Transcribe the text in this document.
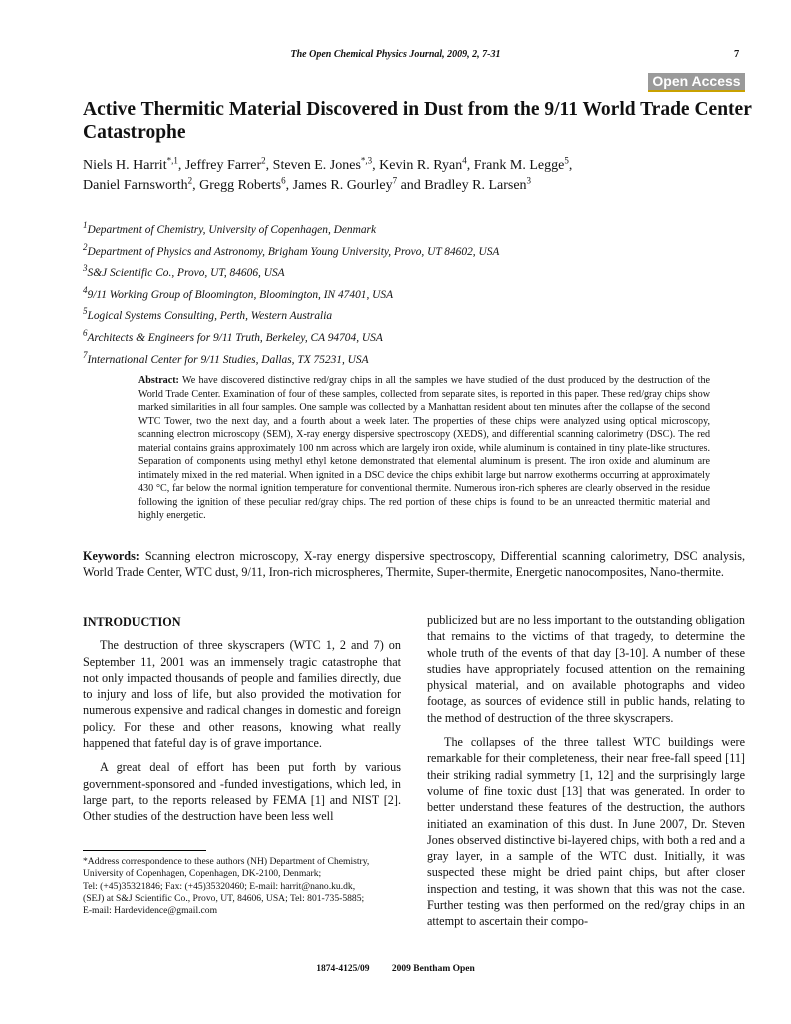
The Open Chemical Physics Journal, 2009, 2, 7-31	7
Open Access
Active Thermitic Material Discovered in Dust from the 9/11 World Trade Center Catastrophe
Niels H. Harrit$^{*,1}$, Jeffrey Farrer$^2$, Steven E. Jones$^{*,3}$, Kevin R. Ryan$^4$, Frank M. Legge$^5$,
Daniel Farnsworth$^2$, Gregg Roberts$^6$, James R. Gourley$^7$ and Bradley R. Larsen$^3$
$^1$Department of Chemistry, University of Copenhagen, Denmark
$^2$Department of Physics and Astronomy, Brigham Young University, Provo, UT 84602, USA
$^3$S&J Scientific Co., Provo, UT, 84606, USA
$^4$9/11 Working Group of Bloomington, Bloomington, IN 47401, USA
$^5$Logical Systems Consulting, Perth, Western Australia
$^6$Architects & Engineers for 9/11 Truth, Berkeley, CA 94704, USA
$^7$International Center for 9/11 Studies, Dallas, TX 75231, USA
Abstract: We have discovered distinctive red/gray chips in all the samples we have studied of the dust produced by the destruction of the World Trade Center. Examination of four of these samples, collected from separate sites, is reported in this paper. These red/gray chips show marked similarities in all four samples. One sample was collected by a Manhattan resident about ten minutes after the collapse of the second WTC Tower, two the next day, and a fourth about a week later. The properties of these chips were analyzed using optical microscopy, scanning electron microscopy (SEM), X-ray energy dispersive spectroscopy (XEDS), and differential scanning calorimetry (DSC). The red material contains grains approximately 100 nm across which are largely iron oxide, while aluminum is contained in tiny plate-like structures. Separation of components using methyl ethyl ketone demonstrated that elemental aluminum is present. The iron oxide and aluminum are intimately mixed in the red material. When ignited in a DSC device the chips exhibit large but narrow exotherms occurring at approximately 430 °C, far below the normal ignition temperature for conventional thermite. Numerous iron-rich spheres are clearly observed in the residue following the ignition of these peculiar red/gray chips. The red portion of these chips is found to be an unreacted thermitic material and highly energetic.
Keywords: Scanning electron microscopy, X-ray energy dispersive spectroscopy, Differential scanning calorimetry, DSC analysis, World Trade Center, WTC dust, 9/11, Iron-rich microspheres, Thermite, Super-thermite, Energetic nanocomposites, Nano-thermite.
INTRODUCTION

The destruction of three skyscrapers (WTC 1, 2 and 7) on September 11, 2001 was an immensely tragic catastrophe that not only impacted thousands of people and families directly, due to injury and loss of life, but also provided the motivation for numerous expensive and radical changes in domestic and foreign policy. For these and other reasons, knowing what really happened that fateful day is of grave importance.

A great deal of effort has been put forth by various government-sponsored and -funded investigations, which led, in large part, to the reports released by FEMA [1] and NIST [2]. Other studies of the destruction have been less well

publicized but are no less important to the outstanding obligation that remains to the victims of that tragedy, to determine the whole truth of the events of that day [3-10]. A number of these studies have appropriately focused attention on the remaining physical material, and on available photographs and video footage, as sources of evidence still in public hands, relating to the method of destruction of the three skyscrapers.

The collapses of the three tallest WTC buildings were remarkable for their completeness, their near free-fall speed [11] their striking radial symmetry [1, 12] and the surprisingly large volume of fine toxic dust [13] that was generated. In order to better understand these features of the destruction, the authors initiated an examination of this dust. In June 2007, Dr. Steven Jones observed distinctive bi-layered chips, with both a red and a gray layer, in a sample of the WTC dust. Initially, it was suspected these might be dried paint chips, but after closer inspection and testing, it was shown that this was not the case. Further testing was then performed on the red/gray chips in an attempt to ascertain their compo-

*Address correspondence to these authors (NH) Department of Chemistry, University of Copenhagen, Copenhagen, DK-2100, Denmark;
Tel: (+45)35321846; Fax: (+45)35320460; E-mail: harrit@nano.ku.dk,
(SEJ) at S&J Scientific Co., Provo, UT, 84606, USA; Tel: 801-735-5885;
E-mail: Hardevidence@gmail.com
1874-4125/09 2009 Bentham Open
